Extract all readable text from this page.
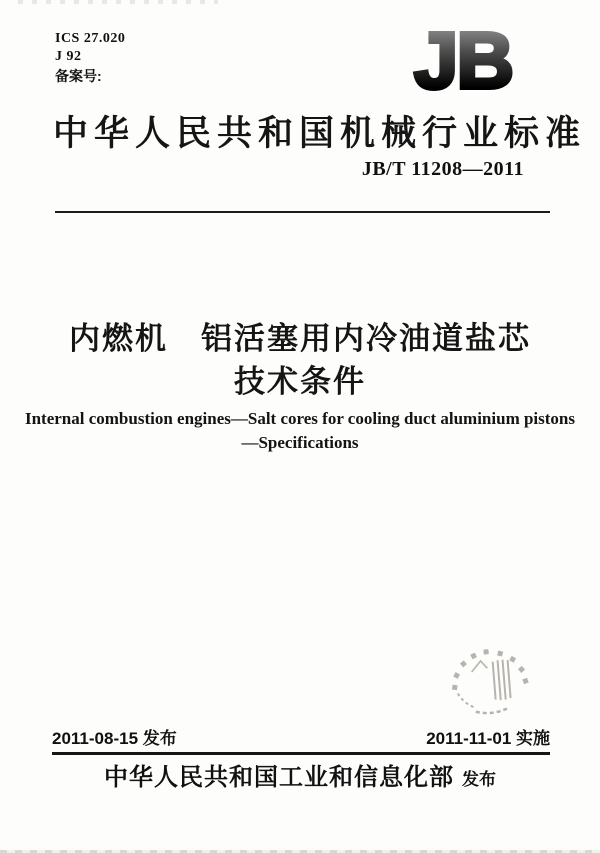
ICS 27.020
J 92
备案号:	JB
中华人民共和国机械行业标准
JB/T 11208—2011
内燃机　铝活塞用内冷油道盐芯
技术条件
Internal combustion engines—Salt cores for cooling duct aluminium pistons
—Specifications
2011-08-15 发布	2011-11-01 实施
中华人民共和国工业和信息化部 发布
